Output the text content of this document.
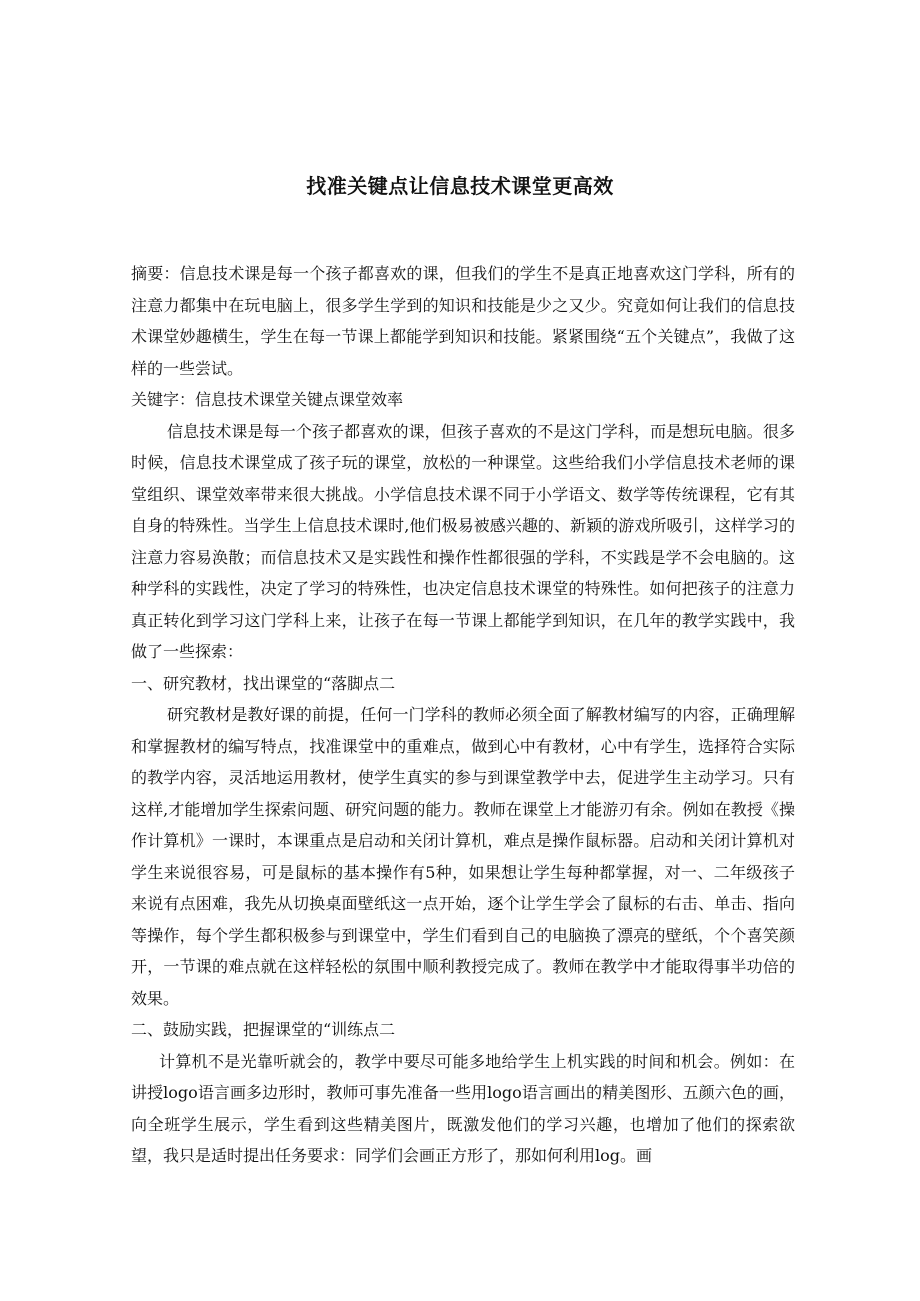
找准关键点让信息技术课堂更高效

摘要：信息技术课是每一个孩子都喜欢的课，但我们的学生不是真正地喜欢这门学科，所有的注意力都集中在玩电脑上，很多学生学到的知识和技能是少之又少。究竟如何让我们的信息技术课堂妙趣横生，学生在每一节课上都能学到知识和技能。紧紧围绕“五个关键点”，我做了这样的一些尝试。

关键字：信息技术课堂关键点课堂效率

信息技术课是每一个孩子都喜欢的课，但孩子喜欢的不是这门学科，而是想玩电脑。很多时候，信息技术课堂成了孩子玩的课堂，放松的一种课堂。这些给我们小学信息技术老师的课堂组织、课堂效率带来很大挑战。小学信息技术课不同于小学语文、数学等传统课程，它有其自身的特殊性。当学生上信息技术课时,他们极易被感兴趣的、新颖的游戏所吸引，这样学习的注意力容易涣散；而信息技术又是实践性和操作性都很强的学科，不实践是学不会电脑的。这种学科的实践性，决定了学习的特殊性，也决定信息技术课堂的特殊性。如何把孩子的注意力真正转化到学习这门学科上来，让孩子在每一节课上都能学到知识，在几年的教学实践中，我做了一些探索：

一、研究教材，找出课堂的“落脚点二

研究教材是教好课的前提，任何一门学科的教师必须全面了解教材编写的内容，正确理解和掌握教材的编写特点，找准课堂中的重难点，做到心中有教材，心中有学生，选择符合实际的教学内容，灵活地运用教材，使学生真实的参与到课堂教学中去，促进学生主动学习。只有这样,才能增加学生探索问题、研究问题的能力。教师在课堂上才能游刃有余。例如在教授《操作计算机》一课时，本课重点是启动和关闭计算机，难点是操作鼠标器。启动和关闭计算机对学生来说很容易，可是鼠标的基本操作有5种，如果想让学生每种都掌握，对一、二年级孩子来说有点困难，我先从切换桌面壁纸这一点开始，逐个让学生学会了鼠标的右击、单击、指向等操作，每个学生都积极参与到课堂中，学生们看到自己的电脑换了漂亮的壁纸，个个喜笑颜开，一节课的难点就在这样轻松的氛围中顺利教授完成了。教师在教学中才能取得事半功倍的效果。

二、鼓励实践，把握课堂的“训练点二

计算机不是光靠听就会的，教学中要尽可能多地给学生上机实践的时间和机会。例如：在讲授logo语言画多边形时，教师可事先准备一些用logo语言画出的精美图形、五颜六色的画，向全班学生展示，学生看到这些精美图片，既激发他们的学习兴趣，也增加了他们的探索欲望，我只是适时提出任务要求：同学们会画正方形了，那如何利用log。画
